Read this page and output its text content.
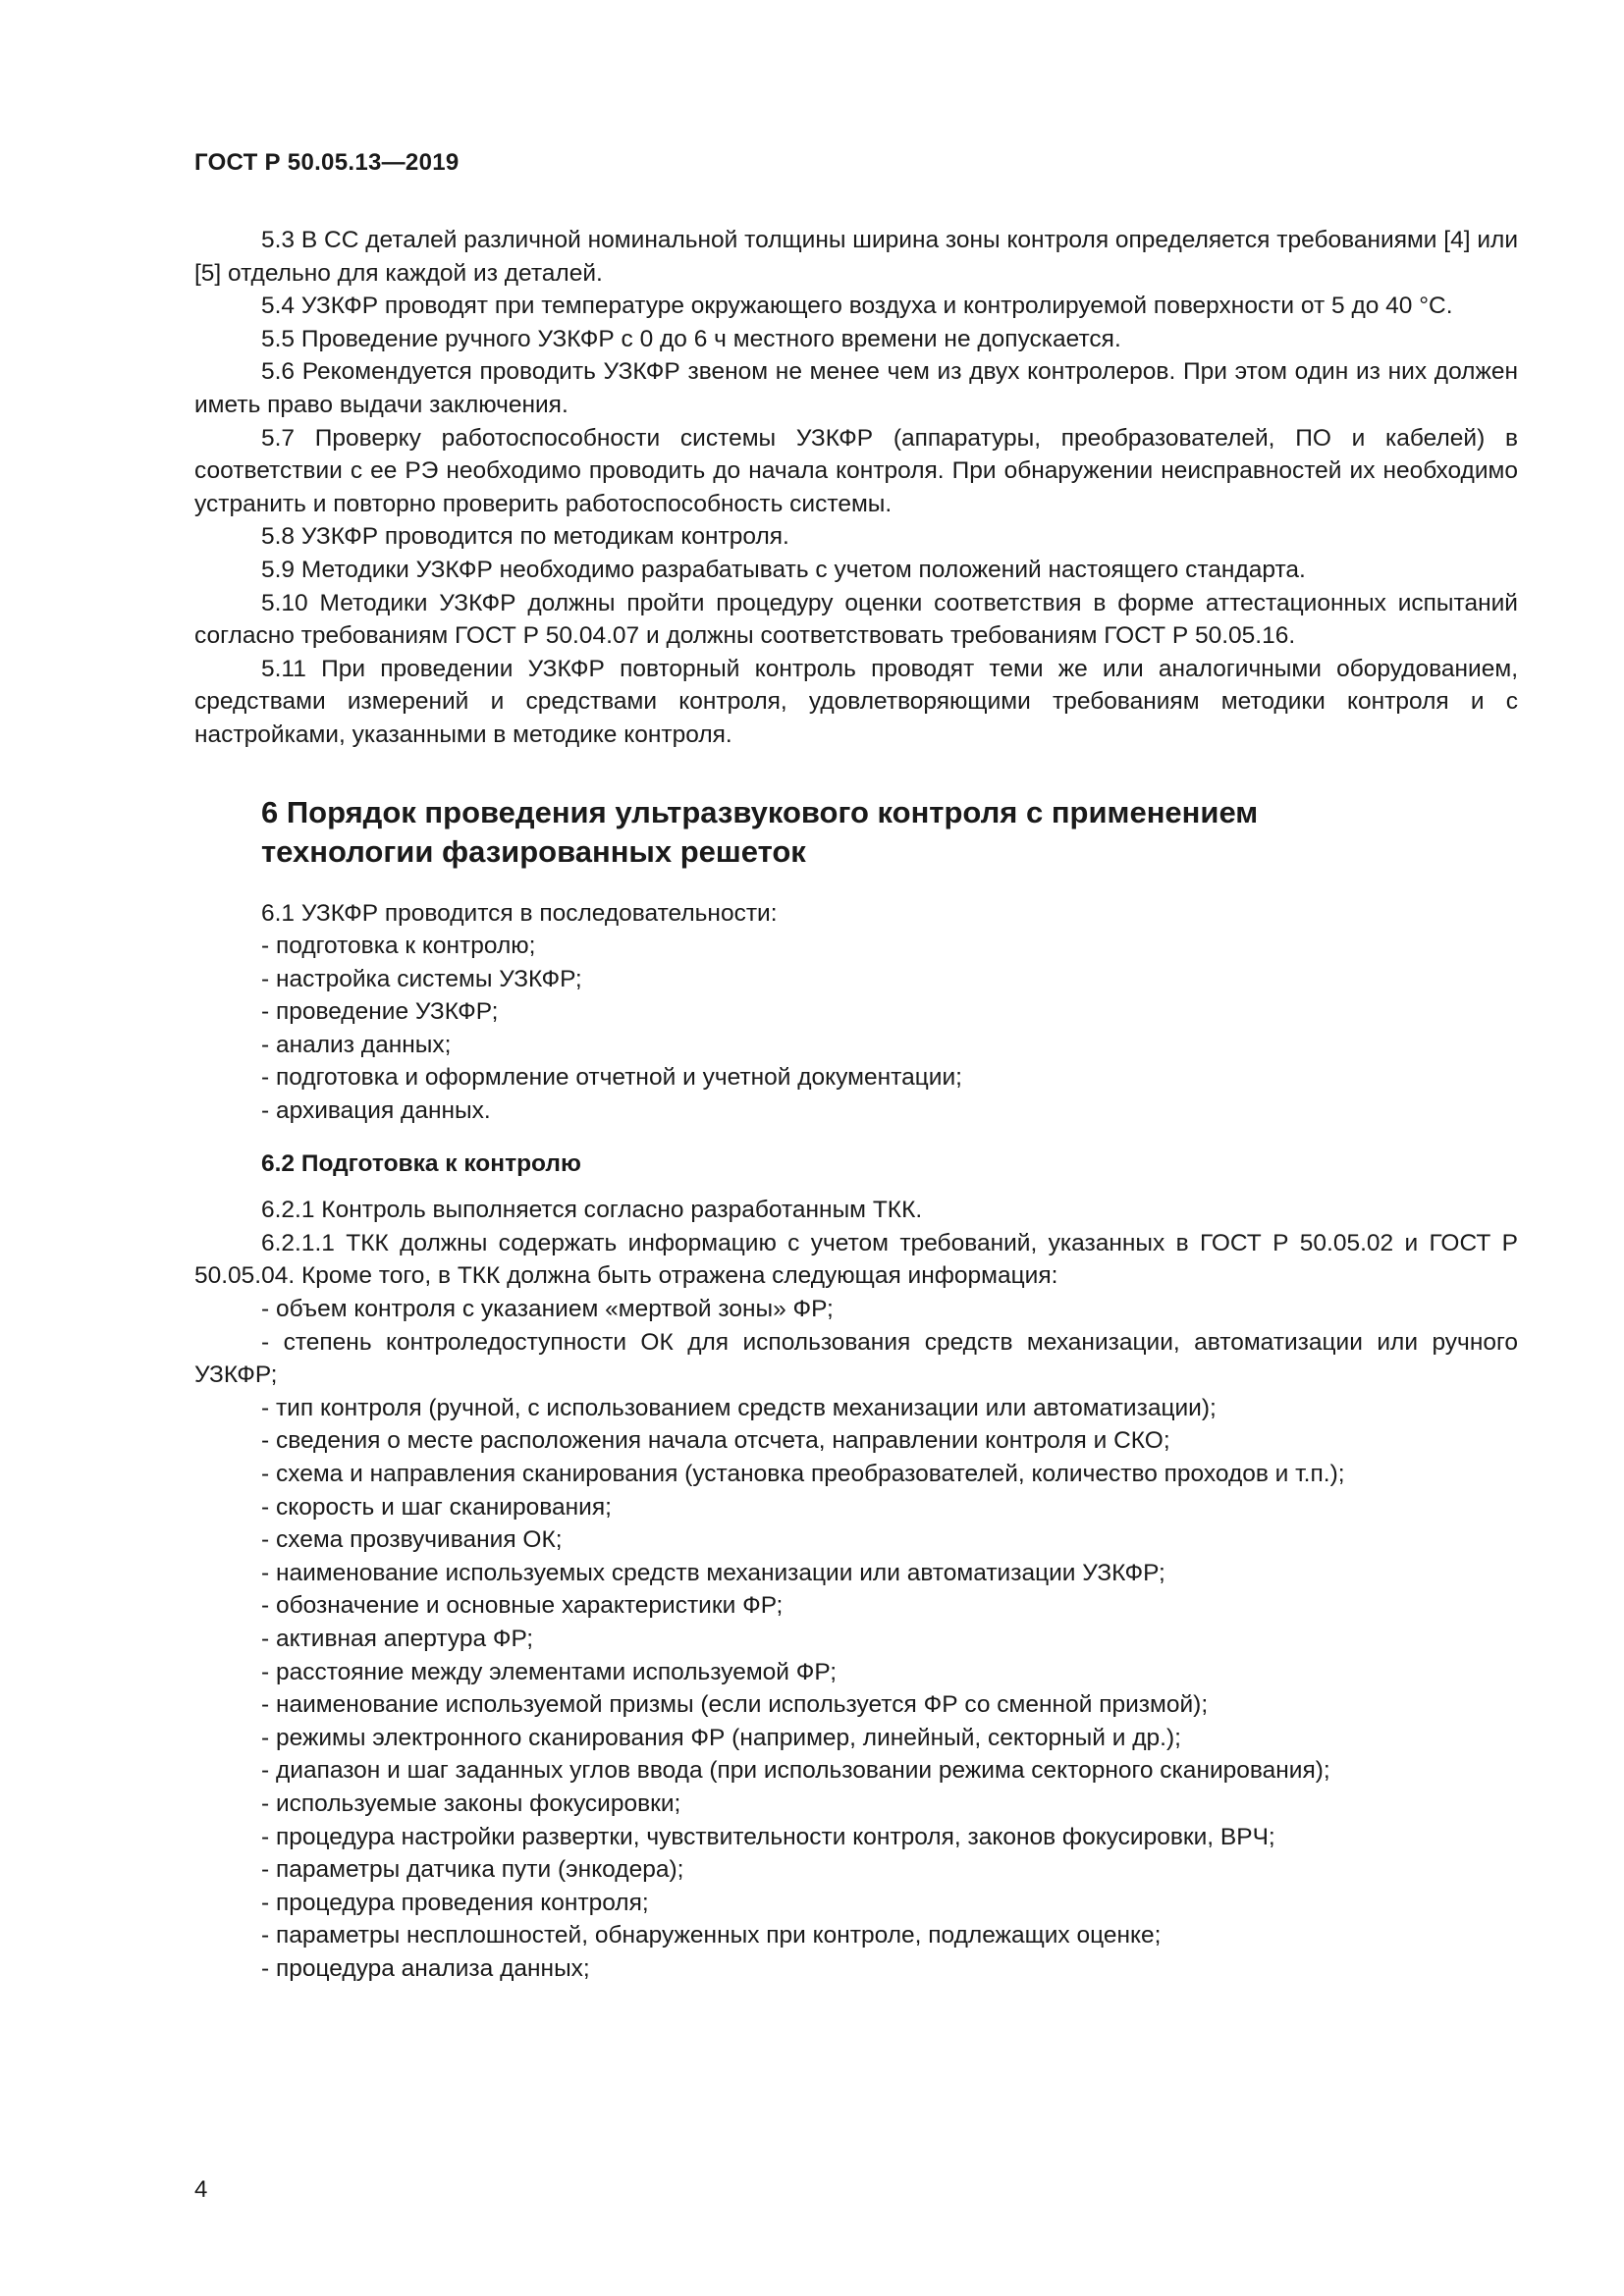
ГОСТ Р 50.05.13—2019

5.3 В СС деталей различной номинальной толщины ширина зоны контроля определяется требованиями [4] или [5] отдельно для каждой из деталей.

5.4 УЗКФР проводят при температуре окружающего воздуха и контролируемой поверхности от 5 до 40 °С.

5.5 Проведение ручного УЗКФР с 0 до 6 ч местного времени не допускается.

5.6 Рекомендуется проводить УЗКФР звеном не менее чем из двух контролеров. При этом один из них должен иметь право выдачи заключения.

5.7 Проверку работоспособности системы УЗКФР (аппаратуры, преобразователей, ПО и кабелей) в соответствии с ее РЭ необходимо проводить до начала контроля. При обнаружении неисправностей их необходимо устранить и повторно проверить работоспособность системы.

5.8 УЗКФР проводится по методикам контроля.

5.9 Методики УЗКФР необходимо разрабатывать с учетом положений настоящего стандарта.

5.10 Методики УЗКФР должны пройти процедуру оценки соответствия в форме аттестационных испытаний согласно требованиям ГОСТ Р 50.04.07 и должны соответствовать требованиям ГОСТ Р 50.05.16.

5.11 При проведении УЗКФР повторный контроль проводят теми же или аналогичными оборудованием, средствами измерений и средствами контроля, удовлетворяющими требованиям методики контроля и с настройками, указанными в методике контроля.

6 Порядок проведения ультразвукового контроля с применением технологии фазированных решеток

6.1 УЗКФР проводится в последовательности:

- подготовка к контролю;
- настройка системы УЗКФР;
- проведение УЗКФР;
- анализ данных;
- подготовка и оформление отчетной и учетной документации;
- архивация данных.
6.2 Подготовка к контролю

6.2.1 Контроль выполняется согласно разработанным ТКК.

6.2.1.1 ТКК должны содержать информацию с учетом требований, указанных в ГОСТ Р 50.05.02 и ГОСТ Р 50.05.04. Кроме того, в ТКК должна быть отражена следующая информация:

- объем контроля с указанием «мертвой зоны» ФР;
- степень контроледоступности ОК для использования средств механизации, автоматизации или ручного УЗКФР;
- тип контроля (ручной, с использованием средств механизации или автоматизации);
- сведения о месте расположения начала отсчета, направлении контроля и СКО;
- схема и направления сканирования (установка преобразователей, количество проходов и т.п.);
- скорость и шаг сканирования;
- схема прозвучивания ОК;
- наименование используемых средств механизации или автоматизации УЗКФР;
- обозначение и основные характеристики ФР;
- активная апертура ФР;
- расстояние между элементами используемой ФР;
- наименование используемой призмы (если используется ФР со сменной призмой);
- режимы электронного сканирования ФР (например, линейный, секторный и др.);
- диапазон и шаг заданных углов ввода (при использовании режима секторного сканирования);
- используемые законы фокусировки;
- процедура настройки развертки, чувствительности контроля, законов фокусировки, ВРЧ;
- параметры датчика пути (энкодера);
- процедура проведения контроля;
- параметры несплошностей, обнаруженных при контроле, подлежащих оценке;
- процедура анализа данных;
4
